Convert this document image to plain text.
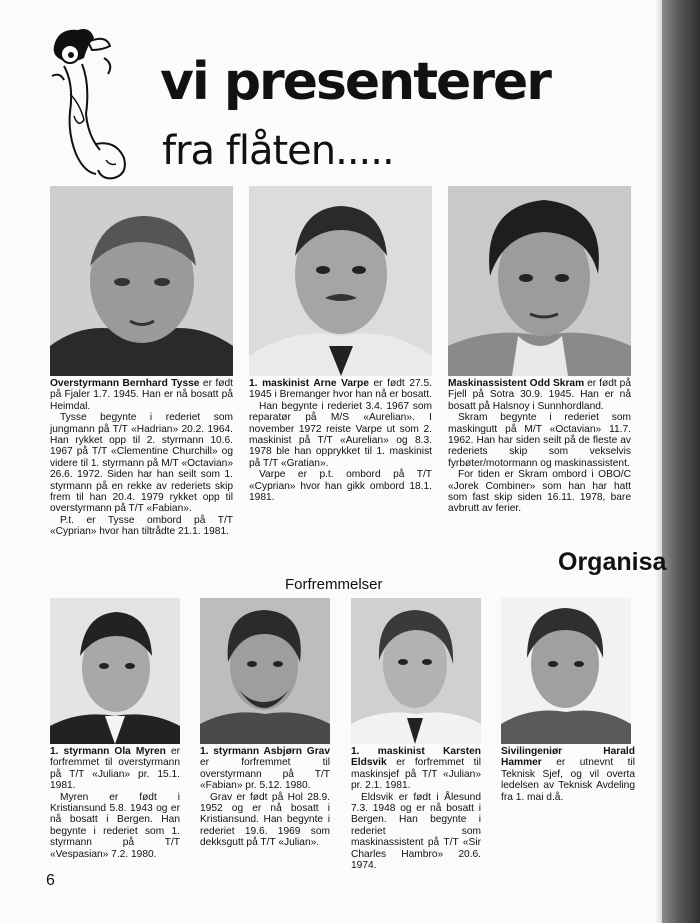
vi presenterer
fra flåten.....

Overstyrmann Bernhard Tysse er født på Fjaler 1.7. 1945. Han er nå bosatt på Heimdal.

Tysse begynte i rederiet som jungmann på T/T «Hadrian» 20.2. 1964. Han rykket opp til 2. styrmann 10.6. 1967 på T/T «Clementine Churchill» og videre til 1. styrmann på M/T «Octavian» 26.6. 1972. Siden har han seilt som 1. styrmann på en rekke av rederiets skip frem til han 20.4. 1979 rykket opp til overstyrmann på T/T «Fabian».

P.t. er Tysse ombord på T/T «Cyprian» hvor han tiltrådte 21.1. 1981.

1. maskinist Arne Varpe er født 27.5. 1945 i Bremanger hvor han nå er bosatt.

Han begynte i rederiet 3.4. 1967 som reparatør på M/S «Aurelian». I november 1972 reiste Varpe ut som 2. maskinist på T/T «Aurelian» og 8.3. 1978 ble han opprykket til 1. maskinist på T/T «Gratian».

Varpe er p.t. ombord på T/T «Cyprian» hvor han gikk ombord 18.1. 1981.

Maskinassistent Odd Skram er født på Fjell på Sotra 30.9. 1945. Han er nå bosatt på Halsnoy i Sunnhordland.

Skram begynte i rederiet som maskingutt på M/T «Octavian» 11.7. 1962. Han har siden seilt på de fleste av rederiets skip som vekselvis fyrbøter/motormann og maskinassistent.

For tiden er Skram ombord i OBO/C «Jorek Combiner» som han har hatt som fast skip siden 16.11. 1978, bare avbrutt av ferier.

Forfremmelser
Organisa

1. styrmann Ola Myren er forfremmet til overstyrmann på T/T «Julian» pr. 15.1. 1981.

Myren er født i Kristiansund 5.8. 1943 og er nå bosatt i Bergen. Han begynte i rederiet som 1. styrmann på T/T «Vespasian» 7.2. 1980.

1. styrmann Asbjørn Grav er forfremmet til overstyrmann på T/T «Fabian» pr. 5.12. 1980.

Grav er født på Hol 28.9. 1952 og er nå bosatt i Kristiansund. Han begynte i rederiet 19.6. 1969 som dekksgutt på T/T «Julian».

1. maskinist Karsten Eldsvik er forfremmet til maskinsjef på T/T «Julian» pr. 2.1. 1981.

Eldsvik er født i Ålesund 7.3. 1948 og er nå bosatt i Bergen. Han begynte i rederiet som maskinassistent på T/T «Sir Charles Hambro» 20.6. 1974.

Sivilingeniør Harald Hammer er utnevnt til Teknisk Sjef, og vil overta ledelsen av Teknisk Avdeling fra 1. mai d.å.

6
